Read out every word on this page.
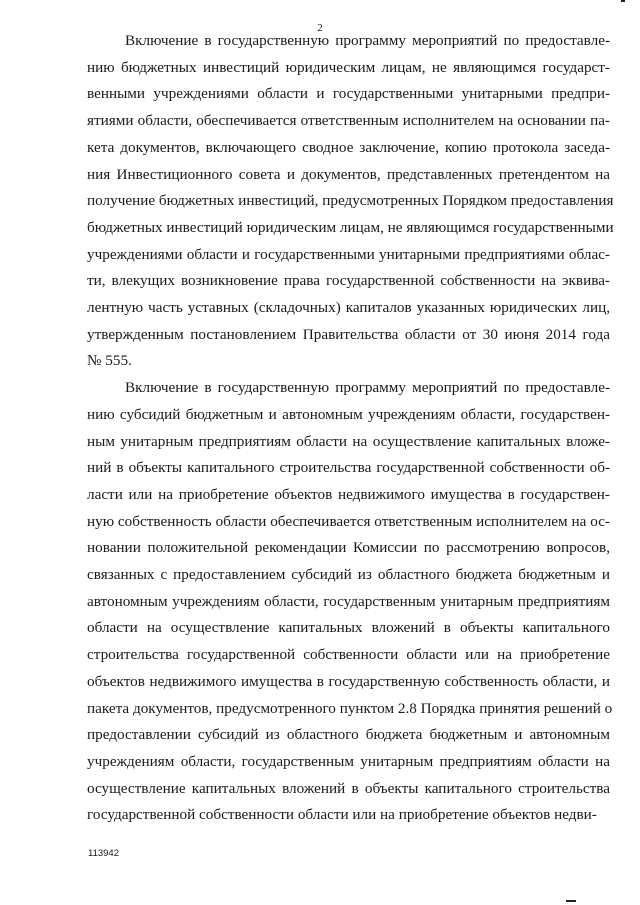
2
Включение в государственную программу мероприятий по предоставле-
нию бюджетных инвестиций юридическим лицам, не являющимся государст-
венными учреждениями области и государственными унитарными предпри-
ятиями области, обеспечивается ответственным исполнителем на основании па-
кета документов, включающего сводное заключение, копию протокола заседа-
ния Инвестиционного совета и документов, представленных претендентом на
получение бюджетных инвестиций, предусмотренных Порядком предоставления
бюджетных инвестиций юридическим лицам, не являющимся государственными
учреждениями области и государственными унитарными предприятиями облас-
ти, влекущих возникновение права государственной собственности на эквива-
лентную часть уставных (складочных) капиталов указанных юридических лиц,
утвержденным постановлением Правительства области от 30 июня 2014 года
№ 555.
Включение в государственную программу мероприятий по предоставле-
нию субсидий бюджетным и автономным учреждениям области, государствен-
ным унитарным предприятиям области на осуществление капитальных вложе-
ний в объекты капитального строительства государственной собственности об-
ласти или на приобретение объектов недвижимого имущества в государствен-
ную собственность области обеспечивается ответственным исполнителем на ос-
новании положительной рекомендации Комиссии по рассмотрению вопросов,
связанных с предоставлением субсидий из областного бюджета бюджетным и
автономным учреждениям области, государственным унитарным предприятиям
области на осуществление капитальных вложений в объекты капитального
строительства государственной собственности области или на приобретение
объектов недвижимого имущества в государственную собственность области, и
пакета документов, предусмотренного пунктом 2.8 Порядка принятия решений о
предоставлении субсидий из областного бюджета бюджетным и автономным
учреждениям области, государственным унитарным предприятиям области на
осуществление капитальных вложений в объекты капитального строительства
государственной собственности области или на приобретение объектов недви-
113942
